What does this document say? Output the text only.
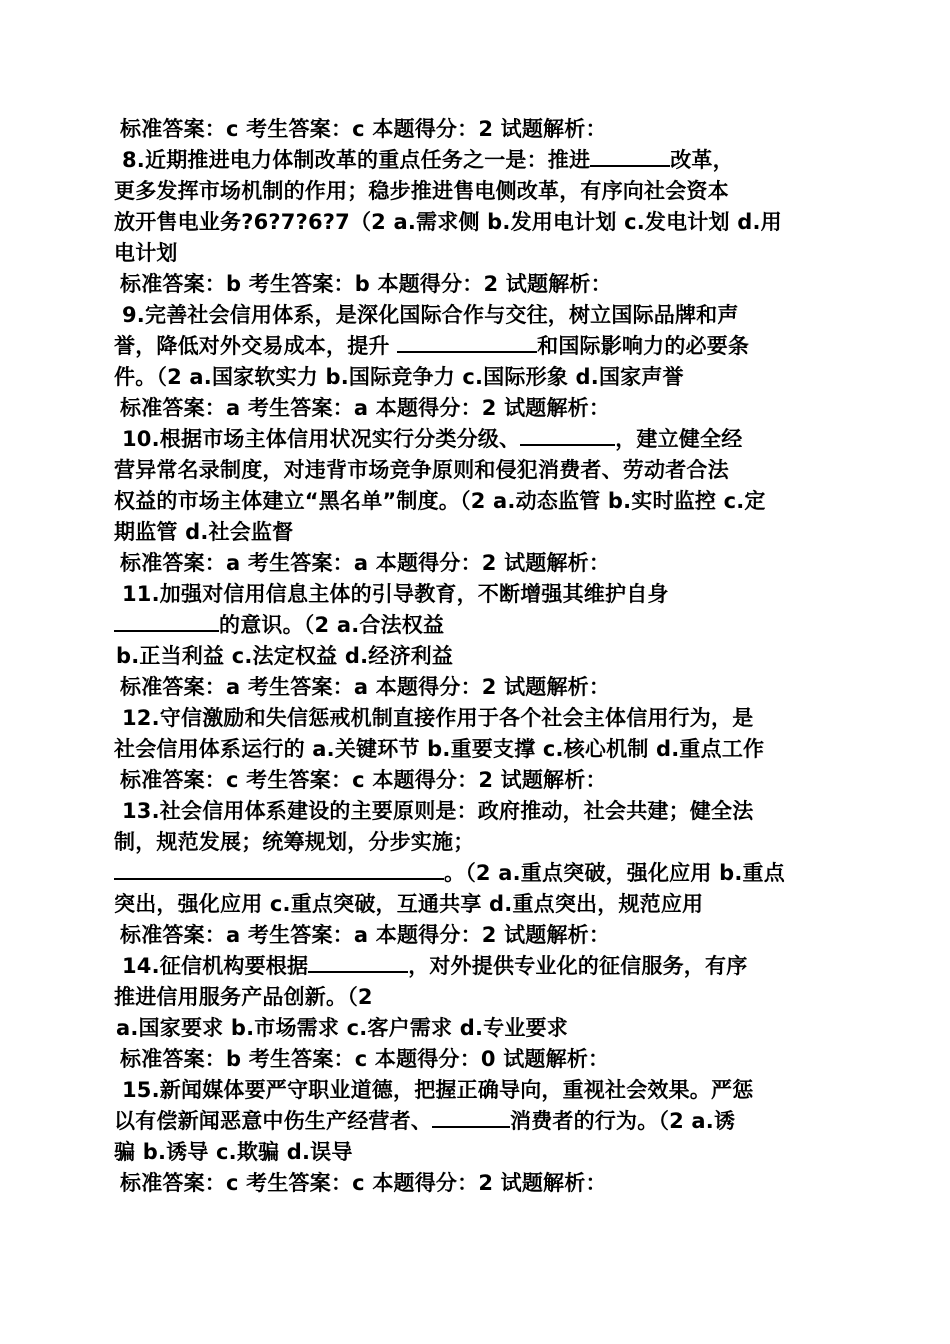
标准答案：c 考生答案：c 本题得分：2 试题解析：
8.近期推进电力体制改革的重点任务之一是：推进	改革，
更多发挥市场机制的作用；稳步推进售电侧改革，有序向社会资本
放开售电业务?6?7?6?7（2 a.需求侧 b.发用电计划 c.发电计划 d.用
电计划
标准答案：b 考生答案：b 本题得分：2 试题解析：
9.完善社会信用体系，是深化国际合作与交往，树立国际品牌和声
誉，降低对外交易成本，提升	和国际影响力的必要条
件。（2 a.国家软实力 b.国际竞争力 c.国际形象 d.国家声誉
标准答案：a 考生答案：a 本题得分：2 试题解析：
10.根据市场主体信用状况实行分类分级、	，建立健全经
营异常名录制度，对违背市场竞争原则和侵犯消费者、劳动者合法
权益的市场主体建立“黑名单”制度。（2 a.动态监管 b.实时监控 c.定
期监管 d.社会监督
标准答案：a 考生答案：a 本题得分：2 试题解析：
11.加强对信用信息主体的引导教育，不断增强其维护自身
的意识。（2 a.合法权益
b.正当利益 c.法定权益 d.经济利益
标准答案：a 考生答案：a 本题得分：2 试题解析：
12.守信激励和失信惩戒机制直接作用于各个社会主体信用行为，是
社会信用体系运行的 a.关键环节 b.重要支撑 c.核心机制 d.重点工作
标准答案：c 考生答案：c 本题得分：2 试题解析：
13.社会信用体系建设的主要原则是：政府推动，社会共建；健全法
制，规范发展；统筹规划，分步实施；
。（2 a.重点突破，强化应用 b.重点
突出，强化应用 c.重点突破，互通共享 d.重点突出，规范应用
标准答案：a 考生答案：a 本题得分：2 试题解析：
14.征信机构要根据	，对外提供专业化的征信服务，有序
推进信用服务产品创新。（2
a.国家要求 b.市场需求 c.客户需求 d.专业要求
标准答案：b 考生答案：c 本题得分：0 试题解析：
15.新闻媒体要严守职业道德，把握正确导向，重视社会效果。严惩
以有偿新闻恶意中伤生产经营者、	消费者的行为。（2 a.诱
骗 b.诱导 c.欺骗 d.误导
标准答案：c 考生答案：c 本题得分：2 试题解析：
